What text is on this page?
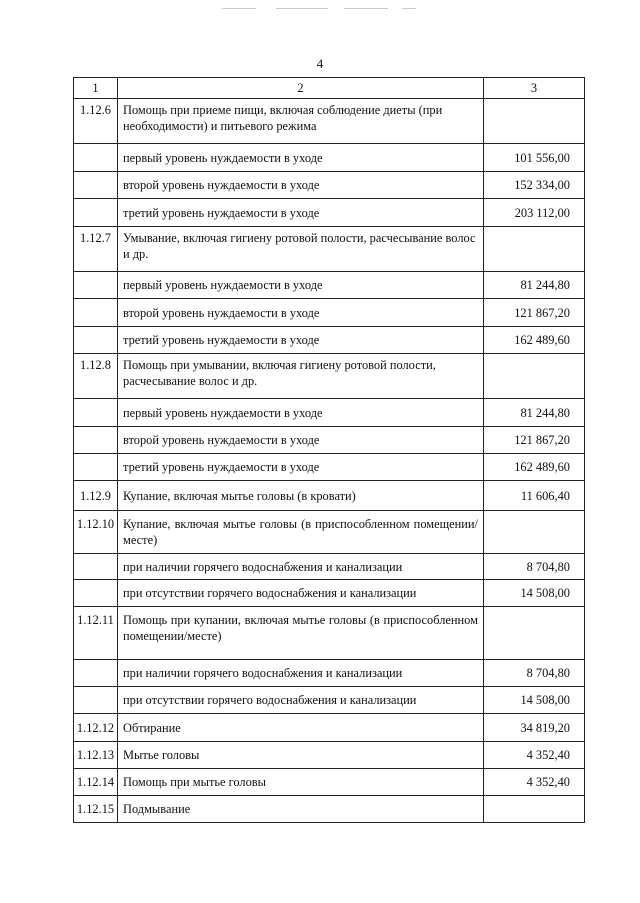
4
1	2	3
1.12.6	Помощь при приеме пищи, включая соблюдение диеты (при необходимости) и питьевого режима	
	первый уровень нуждаемости в уходе	101 556,00
	второй уровень нуждаемости в уходе	152 334,00
	третий уровень нуждаемости в уходе	203 112,00
1.12.7	Умывание, включая гигиену ротовой полости, расчесывание волос и др.	
	первый уровень нуждаемости в уходе	81 244,80
	второй уровень нуждаемости в уходе	121 867,20
	третий уровень нуждаемости в уходе	162 489,60
1.12.8	Помощь при умывании, включая гигиену ротовой полости, расчесывание волос и др.	
	первый уровень нуждаемости в уходе	81 244,80
	второй уровень нуждаемости в уходе	121 867,20
	третий уровень нуждаемости в уходе	162 489,60
1.12.9	Купание, включая мытье головы (в кровати)	11 606,40
1.12.10	Купание, включая мытье головы (в приспособленном помещении/месте)	
	при наличии горячего водоснабжения и канализации	8 704,80
	при отсутствии горячего водоснабжения и канализации	14 508,00
1.12.11	Помощь при купании, включая мытье головы (в приспособленном помещении/месте)	
	при наличии горячего водоснабжения и канализации	8 704,80
	при отсутствии горячего водоснабжения и канализации	14 508,00
1.12.12	Обтирание	34 819,20
1.12.13	Мытье головы	4 352,40
1.12.14	Помощь при мытье головы	4 352,40
1.12.15	Подмывание	
